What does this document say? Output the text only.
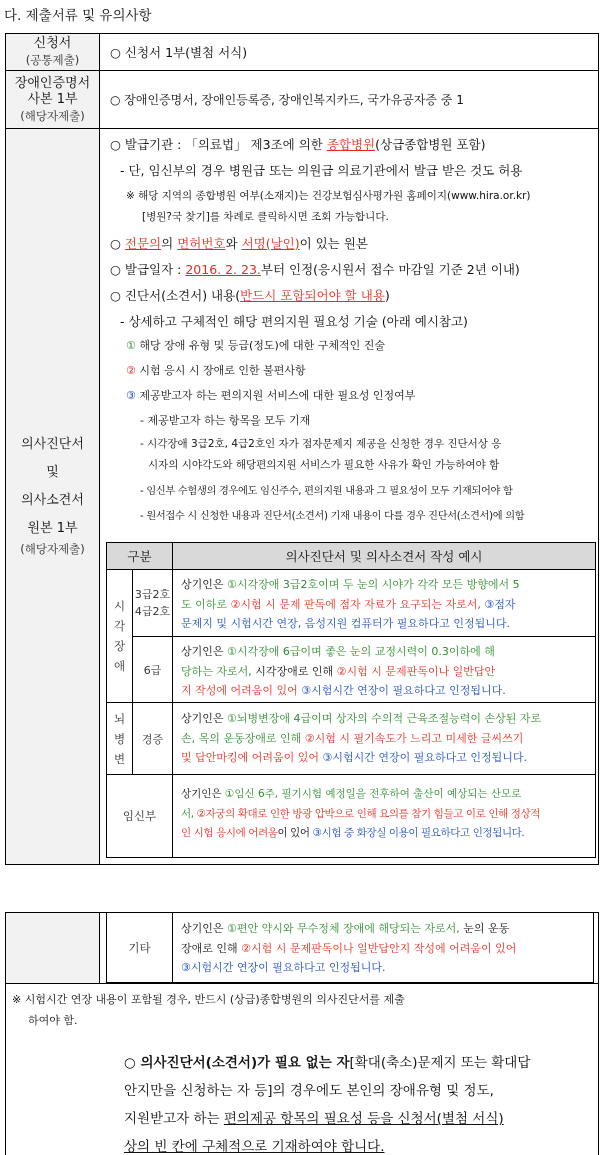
다. 제출서류 및 유의사항
신청서
(공통제출) ○ 신청서 1부(별첨 서식)
장애인증명서
사본 1부
(해당자제출)
○ 장애인증명서, 장애인등록증, 장애인복지카드, 국가유공자증 중 1
의사진단서
및
의사소견서
원본 1부
(해당자제출)
○ 발급기관 : 「의료법」 제3조에 의한 종합병원(상급종합병원 포함)
- 단, 임신부의 경우 병원급 또는 의원급 의료기관에서 발급 받은 것도 허용
※ 해당 지역의 종합병원 여부(소재지)는 건강보험심사평가원 홈페이지(www.hira.or.kr)
[병원?국 찾기]를 차례로 클릭하시면 조회 가능합니다.
○ 전문의의 면허번호와 서명(날인)이 있는 원본
○ 발급일자 : 2016. 2. 23.부터 인정(응시원서 접수 마감일 기준 2년 이내)
○ 진단서(소견서) 내용(반드시 포함되어야 할 내용)
- 상세하고 구체적인 해당 편의지원 필요성 기술 (아래 예시참고)
① 해당 장애 유형 및 등급(정도)에 대한 구체적인 진술
② 시험 응시 시 장애로 인한 불편사항
③ 제공받고자 하는 편의지원 서비스에 대한 필요성 인정여부
- 제공받고자 하는 항목을 모두 기재
- 시각장애 3급2호, 4급2호인 자가 점자문제지 제공을 신청한 경우 진단서상 응
시자의 시야각도와 해당편의지원 서비스가 필요한 사유가 확인 가능하여야 함
- 임신부 수험생의 경우에도 임신주수, 편의지원 내용과 그 필요성이 모두 기재되어야 함
- 원서접수 시 신청한 내용과 진단서(소견서) 기재 내용이 다를 경우 진단서(소견서)에 의함
구분	의사진단서 및 의사소견서 작성 예시
시
각
장
애
3급2호
4급2호
상기인은 ①시각장애 3급2호이며 두 눈의 시야가 각각 모든 방향에서 5
도 이하로 ②시험 시 문제 판독에 점자 자료가 요구되는 자로서, ③점자
문제지 및 시험시간 연장, 음성지원 컴퓨터가 필요하다고 인정됩니다.
6급
상기인은 ①시각장애 6급이며 좋은 눈의 교정시력이 0.3이하에 해
당하는 자로서, 시각장애로 인해 ②시험 시 문제판독이나 일반답안
지 작성에 어려움이 있어 ③시험시간 연장이 필요하다고 인정됩니다.
뇌
병
변
경증
상기인은 ①뇌병변장애 4급이며 상자의 수의적 근육조절능력이 손상된 자로
손, 목의 운동장애로 인해 ②시험 시 필기속도가 느리고 미세한 글씨쓰기
및 답안마킹에 어려움이 있어 ③시험시간 연장이 필요하다고 인정됩니다.
임신부
상기인은 ①임신 6주, 필기시험 예정일을 전후하여 출산이 예상되는 산모로
서, ②자궁의 확대로 인한 방광 압박으로 인해 요의를 참기 힘들고 이로 인해 정상적
인 시험 응시에 어려움이 있어 ③시험 중 화장실 이용이 필요하다고 인정됩니다.
기타
상기인은 ①편안 약시와 무수정체 장애에 해당되는 자로서, 눈의 운동
장애로 인해 ②시험 시 문제판독이나 일반답안지 작성에 어려움이 있어
③시험시간 연장이 필요하다고 인정됩니다.
※ 시험시간 연장 내용이 포함될 경우, 반드시 (상급)종합병원의 의사진단서를 제출
하여야 함.
○ 의사진단서(소견서)가 필요 없는 자[확대(축소)문제지 또는 확대답
안지만을 신청하는 자 등]의 경우에도 본인의 장애유형 및 정도,
지원받고자 하는 편의제공 항목의 필요성 등을 신청서(별첨 서식)
상의 빈 칸에 구체적으로 기재하여야 합니다.
